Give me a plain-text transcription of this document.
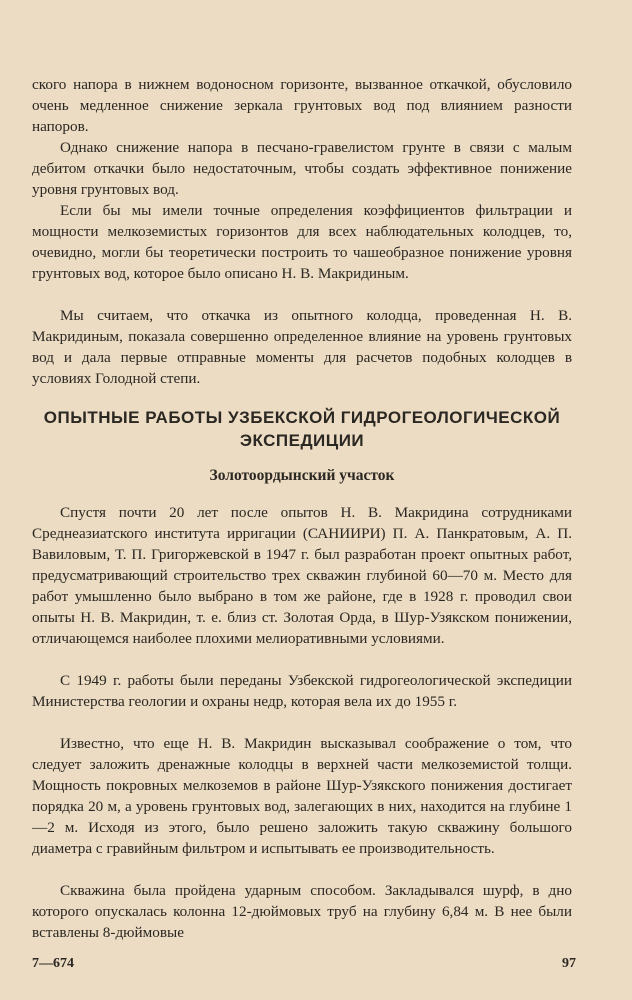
ского напора в нижнем водоносном горизонте, вызванное откачкой, обусловило очень медленное снижение зеркала грунтовых вод под влиянием разности напоров.

Однако снижение напора в песчано-гравелистом грунте в связи с малым дебитом откачки было недостаточным, чтобы создать эффективное понижение уровня грунтовых вод.

Если бы мы имели точные определения коэффициентов фильтрации и мощности мелкоземистых горизонтов для всех наблюдательных колодцев, то, очевидно, могли бы теоретически построить то чашеобразное понижение уровня грунтовых вод, которое было описано Н. В. Макридиным.

Мы считаем, что откачка из опытного колодца, проведенная Н. В. Макридиным, показала совершенно определенное влияние на уровень грунтовых вод и дала первые отправные моменты для расчетов подобных колодцев в условиях Голодной степи.

ОПЫТНЫЕ РАБОТЫ УЗБЕКСКОЙ ГИДРОГЕОЛОГИЧЕСКОЙ ЭКСПЕДИЦИИ
Золотоордынский участок

Спустя почти 20 лет после опытов Н. В. Макридина сотрудниками Среднеазиатского института ирригации (САНИИРИ) П. А. Панкратовым, А. П. Вавиловым, Т. П. Григоржевской в 1947 г. был разработан проект опытных работ, предусматривающий строительство трех скважин глубиной 60—70 м. Место для работ умышленно было выбрано в том же районе, где в 1928 г. проводил свои опыты Н. В. Макридин, т. е. близ ст. Золотая Орда, в Шур-Узякском понижении, отличающемся наиболее плохими мелиоративными условиями.

С 1949 г. работы были переданы Узбекской гидрогеологической экспедиции Министерства геологии и охраны недр, которая вела их до 1955 г.

Известно, что еще Н. В. Макридин высказывал соображение о том, что следует заложить дренажные колодцы в верхней части мелкоземистой толщи. Мощность покровных мелкоземов в районе Шур-Узякского понижения достигает порядка 20 м, а уровень грунтовых вод, залегающих в них, находится на глубине 1—2 м. Исходя из этого, было решено заложить такую скважину большого диаметра с гравийным фильтром и испытывать ее производительность.

Скважина была пройдена ударным способом. Закладывался шурф, в дно которого опускалась колонна 12-дюймовых труб на глубину 6,84 м. В нее были вставлены 8-дюймовые

7—674	97
